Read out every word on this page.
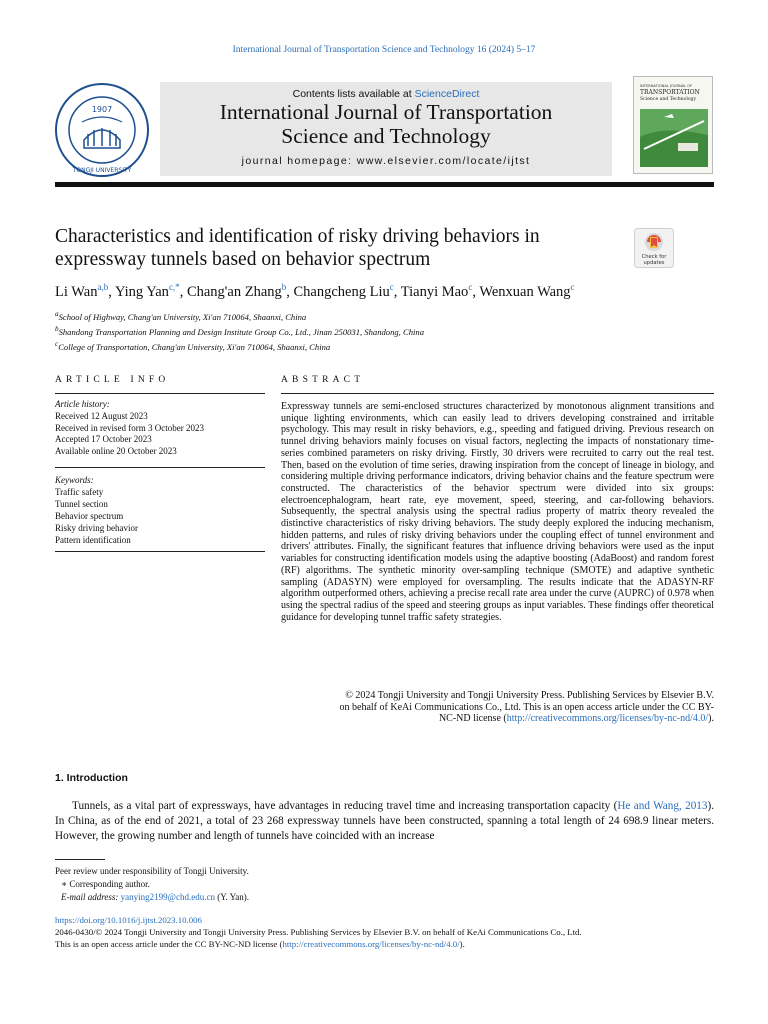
International Journal of Transportation Science and Technology 16 (2024) 5–17
1907
TONGJI UNIVERSITY
Contents lists available at ScienceDirect
International Journal of Transportation
Science and Technology
journal homepage: www.elsevier.com/locate/ijtst
INTERNATIONAL JOURNAL OF
TRANSPORTATION
Science and Technology
Characteristics and identification of risky driving behaviors in expressway tunnels based on behavior spectrum	Check for
updates
Li Wan$^{a,b}$, Ying Yan$^{c,*}$, Chang'an Zhang$^b$, Changcheng Liu$^c$, Tianyi Mao$^c$, Wenxuan Wang$^c$
$^a$School of Highway, Chang'an University, Xi'an 710064, Shaanxi, China
$^b$Shandong Transportation Planning and Design Institute Group Co., Ltd., Jinan 250031, Shandong, China
$^c$College of Transportation, Chang'an University, Xi'an 710064, Shaanxi, China
ARTICLE INFO	ABSTRACT
Article history:
Received 12 August 2023
Received in revised form 3 October 2023
Accepted 17 October 2023
Available online 20 October 2023
Keywords:
Traffic safety
Tunnel section
Behavior spectrum
Risky driving behavior
Pattern identification

Expressway tunnels are semi-enclosed structures characterized by monotonous alignment transitions and unique lighting environments, which can easily lead to drivers developing constrained and irritable psychology. This may result in risky behaviors, e.g., speeding and fatigued driving. Previous research on tunnel driving behaviors mainly focuses on visual factors, neglecting the impacts of nonstationary time-series combined parameters on risky driving. Firstly, 30 drivers were recruited to carry out the real test. Then, based on the evolution of time series, drawing inspiration from the concept of lineage in biology, and considering multiple driving performance indicators, driving behavior chains and the feature spectrum were constructed. The characteristics of the behavior spectrum were divided into six groups: electroencephalogram, heart rate, eye movement, speed, steering, and car-following behaviors. Subsequently, the spectral analysis using the spectral radius property of matrix theory revealed the distinctive characteristics of risky driving behaviors. The study deeply explored the inducing mechanism, hidden patterns, and rules of risky driving behaviors under the coupling effect of tunnel environment and drivers' attributes. Finally, the significant features that influence driving behaviors were used as the input variables for constructing identification models using the adaptive boosting (AdaBoost) and random forest (RF) algorithms. The synthetic minority over-sampling technique (SMOTE) and adaptive synthetic sampling (ADASYN) were employed for oversampling. The results indicate that the ADASYN-RF algorithm outperformed others, achieving a precise recall rate area under the curve (AUPRC) of 0.978 when using the spectral radius of the speed and steering groups as input variables. These findings offer theoretical guidance for developing tunnel traffic safety strategies.

© 2024 Tongji University and Tongji University Press. Publishing Services by Elsevier B.V.
on behalf of KeAi Communications Co., Ltd. This is an open access article under the CC BY-
NC-ND license (http://creativecommons.org/licenses/by-nc-nd/4.0/).
1. Introduction
Tunnels, as a vital part of expressways, have advantages in reducing travel time and increasing transportation capacity (He and Wang, 2013). In China, as of the end of 2021, a total of 23 268 expressway tunnels have been constructed, spanning a total length of 24 698.9 linear meters. However, the growing number and length of tunnels have coincided with an increase
Peer review under responsibility of Tongji University.
∗ Corresponding author.
E-mail address: yanying2199@chd.edu.cn (Y. Yan).
https://doi.org/10.1016/j.ijtst.2023.10.006
2046-0430/© 2024 Tongji University and Tongji University Press. Publishing Services by Elsevier B.V. on behalf of KeAi Communications Co., Ltd.
This is an open access article under the CC BY-NC-ND license (http://creativecommons.org/licenses/by-nc-nd/4.0/).
